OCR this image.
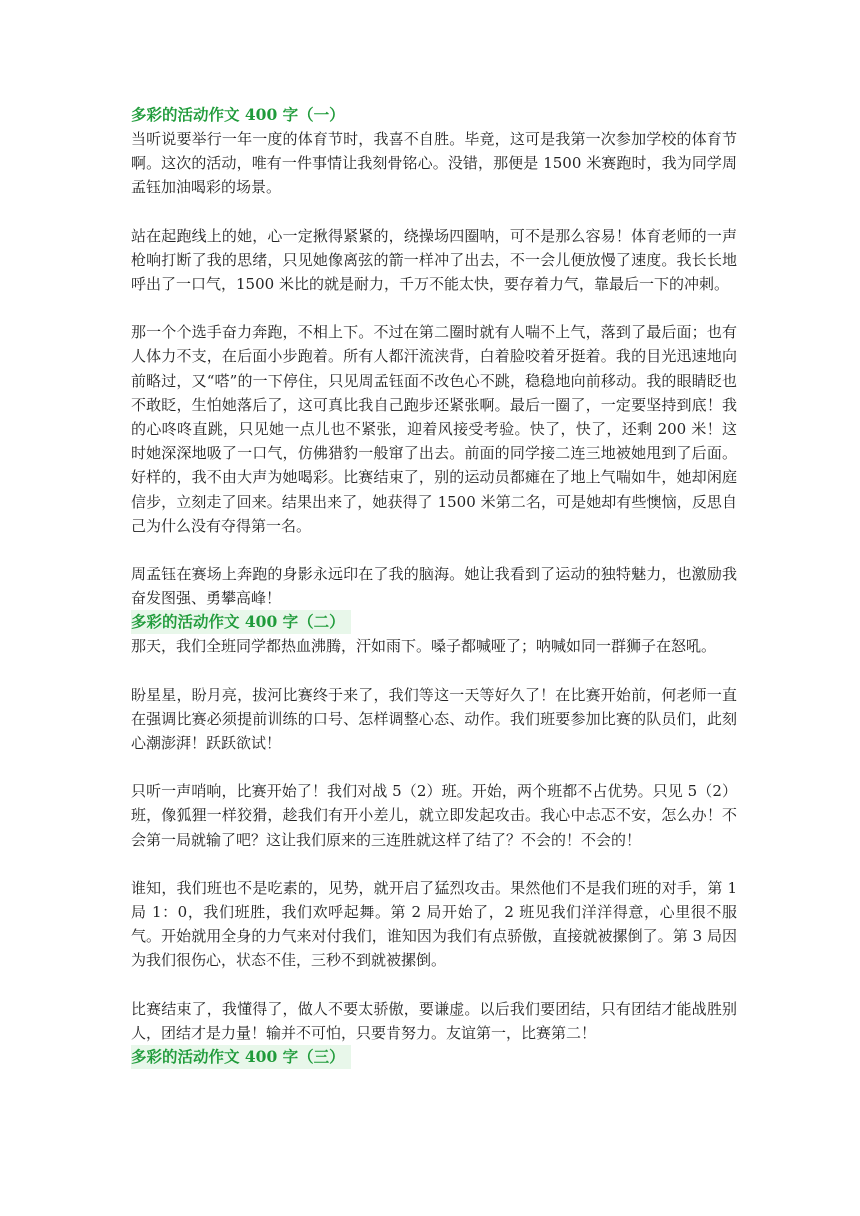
多彩的活动作文 400 字（一）

当听说要举行一年一度的体育节时，我喜不自胜。毕竟，这可是我第一次参加学校的体育节啊。这次的活动，唯有一件事情让我刻骨铭心。没错，那便是 1500 米赛跑时，我为同学周孟钰加油喝彩的场景。

站在起跑线上的她，心一定揪得紧紧的，绕操场四圈呐，可不是那么容易！体育老师的一声枪响打断了我的思绪，只见她像离弦的箭一样冲了出去，不一会儿便放慢了速度。我长长地呼出了一口气，1500 米比的就是耐力，千万不能太快，要存着力气，靠最后一下的冲刺。

那一个个选手奋力奔跑，不相上下。不过在第二圈时就有人喘不上气，落到了最后面；也有人体力不支，在后面小步跑着。所有人都汗流浃背，白着脸咬着牙挺着。我的目光迅速地向前略过，又“嗒”的一下停住，只见周孟钰面不改色心不跳，稳稳地向前移动。我的眼睛眨也不敢眨，生怕她落后了，这可真比我自己跑步还紧张啊。最后一圈了，一定要坚持到底！我的心咚咚直跳，只见她一点儿也不紧张，迎着风接受考验。快了，快了，还剩 200 米！这时她深深地吸了一口气，仿佛猎豹一般窜了出去。前面的同学接二连三地被她甩到了后面。好样的，我不由大声为她喝彩。比赛结束了，别的运动员都瘫在了地上气喘如牛，她却闲庭信步，立刻走了回来。结果出来了，她获得了 1500 米第二名，可是她却有些懊恼，反思自己为什么没有夺得第一名。

周孟钰在赛场上奔跑的身影永远印在了我的脑海。她让我看到了运动的独特魅力，也激励我奋发图强、勇攀高峰！

多彩的活动作文 400 字（二）

那天，我们全班同学都热血沸腾，汗如雨下。嗓子都喊哑了；呐喊如同一群狮子在怒吼。

盼星星，盼月亮，拔河比赛终于来了，我们等这一天等好久了！在比赛开始前，何老师一直在强调比赛必须提前训练的口号、怎样调整心态、动作。我们班要参加比赛的队员们，此刻心潮澎湃！跃跃欲试！

只听一声哨响，比赛开始了！我们对战 5（2）班。开始，两个班都不占优势。只见 5（2）班，像狐狸一样狡猾，趁我们有开小差儿，就立即发起攻击。我心中忐忑不安，怎么办！不会第一局就输了吧？这让我们原来的三连胜就这样了结了？不会的！不会的！

谁知，我们班也不是吃素的，见势，就开启了猛烈攻击。果然他们不是我们班的对手，第 1 局 1：0，我们班胜，我们欢呼起舞。第 2 局开始了，2 班见我们洋洋得意，心里很不服气。开始就用全身的力气来对付我们，谁知因为我们有点骄傲，直接就被摞倒了。第 3 局因为我们很伤心，状态不佳，三秒不到就被摞倒。

比赛结束了，我懂得了，做人不要太骄傲，要谦虚。以后我们要团结，只有团结才能战胜别人，团结才是力量！输并不可怕，只要肯努力。友谊第一，比赛第二！

多彩的活动作文 400 字（三）
